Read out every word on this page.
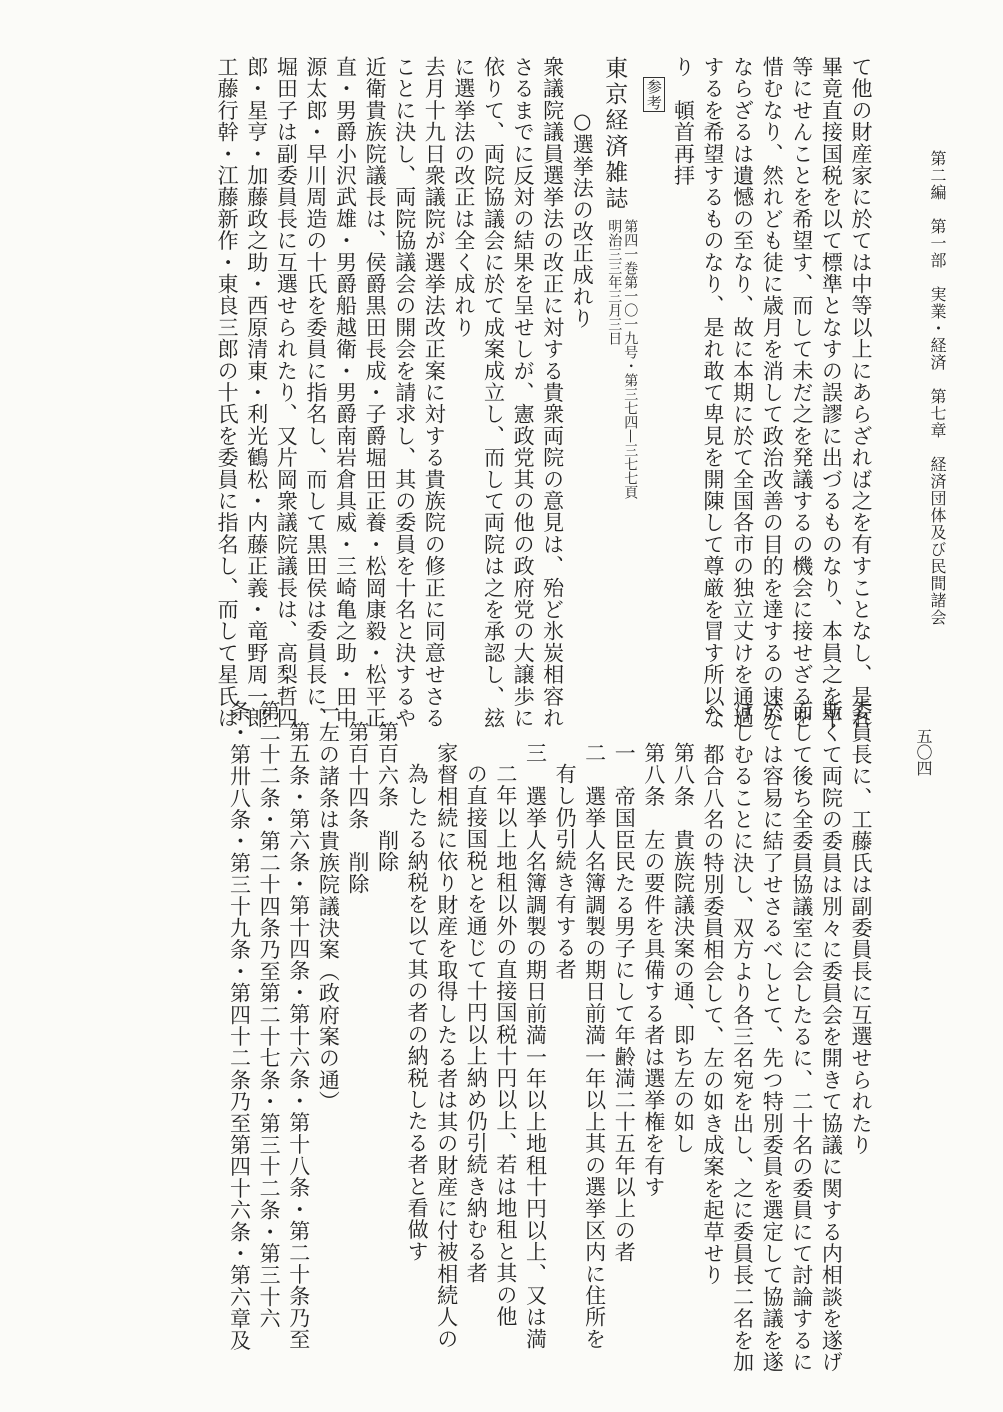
第二編　第一部　実業・経済　第七章　経済団体及び民間諸会
五〇四

て他の財産家に於ては中等以上にあらざれば之を有すことなし、是れ

畢竟直接国税を以て標準となすの誤謬に出づるものなり、本員之を平

等にせんことを希望す、而して未だ之を発議するの機会に接せざるを

惜むなり、然れども徒に歳月を消して政治改善の目的を達するの速か

ならざるは遺憾の至なり、故に本期に於て全国各市の独立丈けを通過

するを希望するものなり、是れ敢て卑見を開陳して尊厳を冒す所以な

り　頓首再拝

参考

東京経済雑誌
第四一巻第一〇一九号・第三七四—三七七頁
明治三三年三月三日

○選挙法の改正成れり

衆議院議員選挙法の改正に対する貴衆両院の意見は、殆ど氷炭相容れ

さるまでに反対の結果を呈せしが、憲政党其の他の政府党の大譲歩に

依りて、両院協議会に於て成案成立し、而して両院は之を承認し、玆

に選挙法の改正は全く成れり

去月十九日衆議院が選挙法改正案に対する貴族院の修正に同意せさる

ことに決し、両院協議会の開会を請求し、其の委員を十名と決するや

近衛貴族院議長は、侯爵黒田長成・子爵堀田正養・松岡康毅・松平正

直・男爵小沢武雄・男爵船越衛・男爵南岩倉具威・三崎亀之助・田中

源太郎・早川周造の十氏を委員に指名し、而して黒田侯は委員長に、

堀田子は副委員長に互選せられたり、又片岡衆議院議長は、高梨哲四

郎・星亨・加藤政之助・西原清東・利光鶴松・内藤正義・竜野周一郎

工藤行幹・江藤新作・東良三郎の十氏を委員に指名し、而して星氏は

委員長に、工藤氏は副委員長に互選せられたり

斯くて両院の委員は別々に委員会を開きて協議に関する内相談を遂げ

而して後ち全委員協議室に会したるに、二十名の委員にて討論するに

於ては容易に結了せさるべしとて、先つ特別委員を選定して協議を遂

けしむることに決し、双方より各三名宛を出し、之に委員長二名を加

へ、都合八名の特別委員相会して、左の如き成案を起草せり

第八条　貴族院議決案の通、即ち左の如し

第八条　左の要件を具備する者は選挙権を有す

一　帝国臣民たる男子にして年齢満二十五年以上の者

二　選挙人名簿調製の期日前満一年以上其の選挙区内に住所を

有し仍引続き有する者

三　選挙人名簿調製の期日前満一年以上地租十円以上、又は満

二年以上地租以外の直接国税十円以上、若は地租と其の他

の直接国税とを通じて十円以上納め仍引続き納むる者

家督相続に依り財産を取得したる者は其の財産に付被相続人の

為したる納税を以て其の者の納税したる者と看做す

第百六条　削除

第百十四条　削除

一左の諸条は貴族院議決案（政府案の通）

第五条・第六条・第十四条・第十六条・第十八条・第二十条乃至

第二十二条・第二十四条乃至第二十七条・第三十二条・第三十六

条・第卅八条・第三十九条・第四十二条乃至第四十六条・第六章及
